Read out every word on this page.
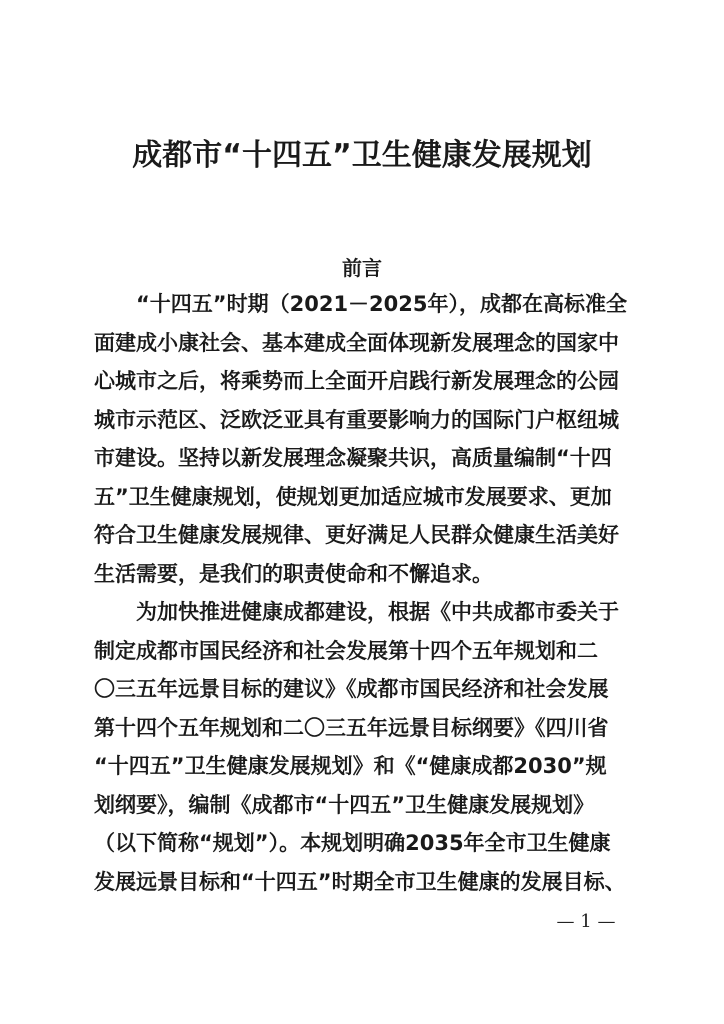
成都市“十四五”卫生健康发展规划
前言
“十四五”时期（2021－2025年），成都在高标准全
面建成小康社会、基本建成全面体现新发展理念的国家中
心城市之后，将乘势而上全面开启践行新发展理念的公园
城市示范区、泛欧泛亚具有重要影响力的国际门户枢纽城
市建设。坚持以新发展理念凝聚共识，高质量编制“十四
五”卫生健康规划，使规划更加适应城市发展要求、更加
符合卫生健康发展规律、更好满足人民群众健康生活美好
生活需要，是我们的职责使命和不懈追求。
为加快推进健康成都建设，根据《中共成都市委关于
制定成都市国民经济和社会发展第十四个五年规划和二
〇三五年远景目标的建议》《成都市国民经济和社会发展
第十四个五年规划和二〇三五年远景目标纲要》《四川省
“十四五”卫生健康发展规划》和《“健康成都2030”规
划纲要》，编制《成都市“十四五”卫生健康发展规划》
（以下简称“规划”）。本规划明确2035年全市卫生健康
发展远景目标和“十四五”时期全市卫生健康的发展目标、
— 1 —
